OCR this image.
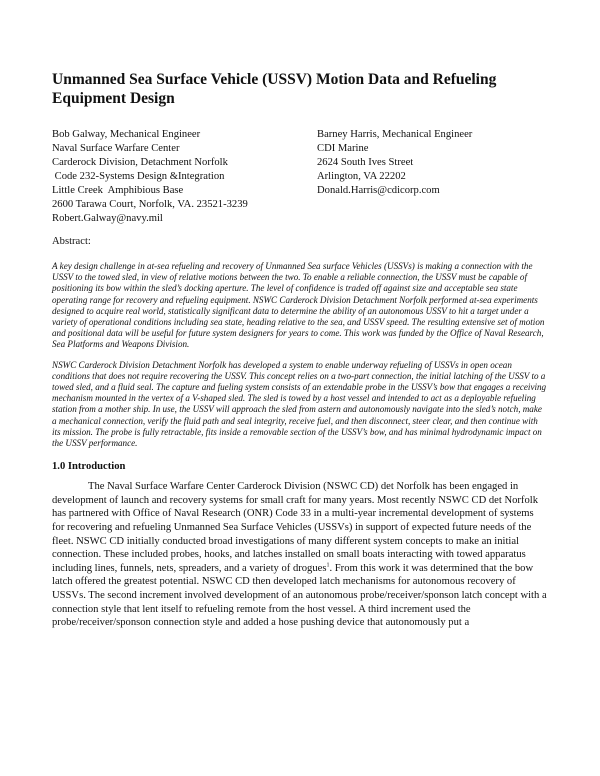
Unmanned Sea Surface Vehicle (USSV) Motion Data and Refueling Equipment Design
Bob Galway, Mechanical Engineer
Naval Surface Warfare Center
Carderock Division, Detachment Norfolk
Code 232-Systems Design &Integration
Little Creek  Amphibious Base
2600 Tarawa Court, Norfolk, VA. 23521-3239
Robert.Galway@navy.mil
Barney Harris, Mechanical Engineer
CDI Marine
2624 South Ives Street
Arlington, VA 22202
Donald.Harris@cdicorp.com

Abstract:

A key design challenge in at-sea refueling and recovery of Unmanned Sea surface Vehicles (USSVs) is making a connection with the USSV to the towed sled, in view of relative motions between the two. To enable a reliable connection, the USSV must be capable of positioning its bow within the sled’s docking aperture. The level of confidence is traded off against size and acceptable sea state operating range for recovery and refueling equipment. NSWC Carderock Division Detachment Norfolk performed at-sea experiments designed to acquire real world, statistically significant data to determine the ability of an autonomous USSV to hit a target under a variety of operational conditions including sea state, heading relative to the sea, and USSV speed. The resulting extensive set of motion and positional data will be useful for future system designers for years to come. This work was funded by the Office of Naval Research, Sea Platforms and Weapons Division.

NSWC Carderock Division Detachment Norfolk has developed a system to enable underway refueling of USSVs in open ocean conditions that does not require recovering the USSV. This concept relies on a two-part connection, the initial latching of the USSV to a towed sled, and a fluid seal. The capture and fueling system consists of an extendable probe in the USSV’s bow that engages a receiving mechanism mounted in the vertex of a V-shaped sled. The sled is towed by a host vessel and intended to act as a deployable refueling station from a mother ship. In use, the USSV will approach the sled from astern and autonomously navigate into the sled’s notch, make a mechanical connection, verify the fluid path and seal integrity, receive fuel, and then disconnect, steer clear, and then continue with its mission. The probe is fully retractable, fits inside a removable section of the USSV’s bow, and has minimal hydrodynamic impact on the USSV performance.

1.0 Introduction

The Naval Surface Warfare Center Carderock Division (NSWC CD) det Norfolk has been engaged in development of launch and recovery systems for small craft for many years. Most recently NSWC CD det Norfolk has partnered with Office of Naval Research (ONR) Code 33 in a multi-year incremental development of systems for recovering and refueling Unmanned Sea Surface Vehicles (USSVs) in support of expected future needs of the fleet. NSWC CD initially conducted broad investigations of many different system concepts to make an initial connection. These included probes, hooks, and latches installed on small boats interacting with towed apparatus including lines, funnels, nets, spreaders, and a variety of drogues$^1$. From this work it was determined that the bow latch offered the greatest potential. NSWC CD then developed latch mechanisms for autonomous recovery of USSVs. The second increment involved development of an autonomous probe/receiver/sponson latch concept with a connection style that lent itself to refueling remote from the host vessel. A third increment used the probe/receiver/sponson connection style and added a hose pushing device that autonomously put a
